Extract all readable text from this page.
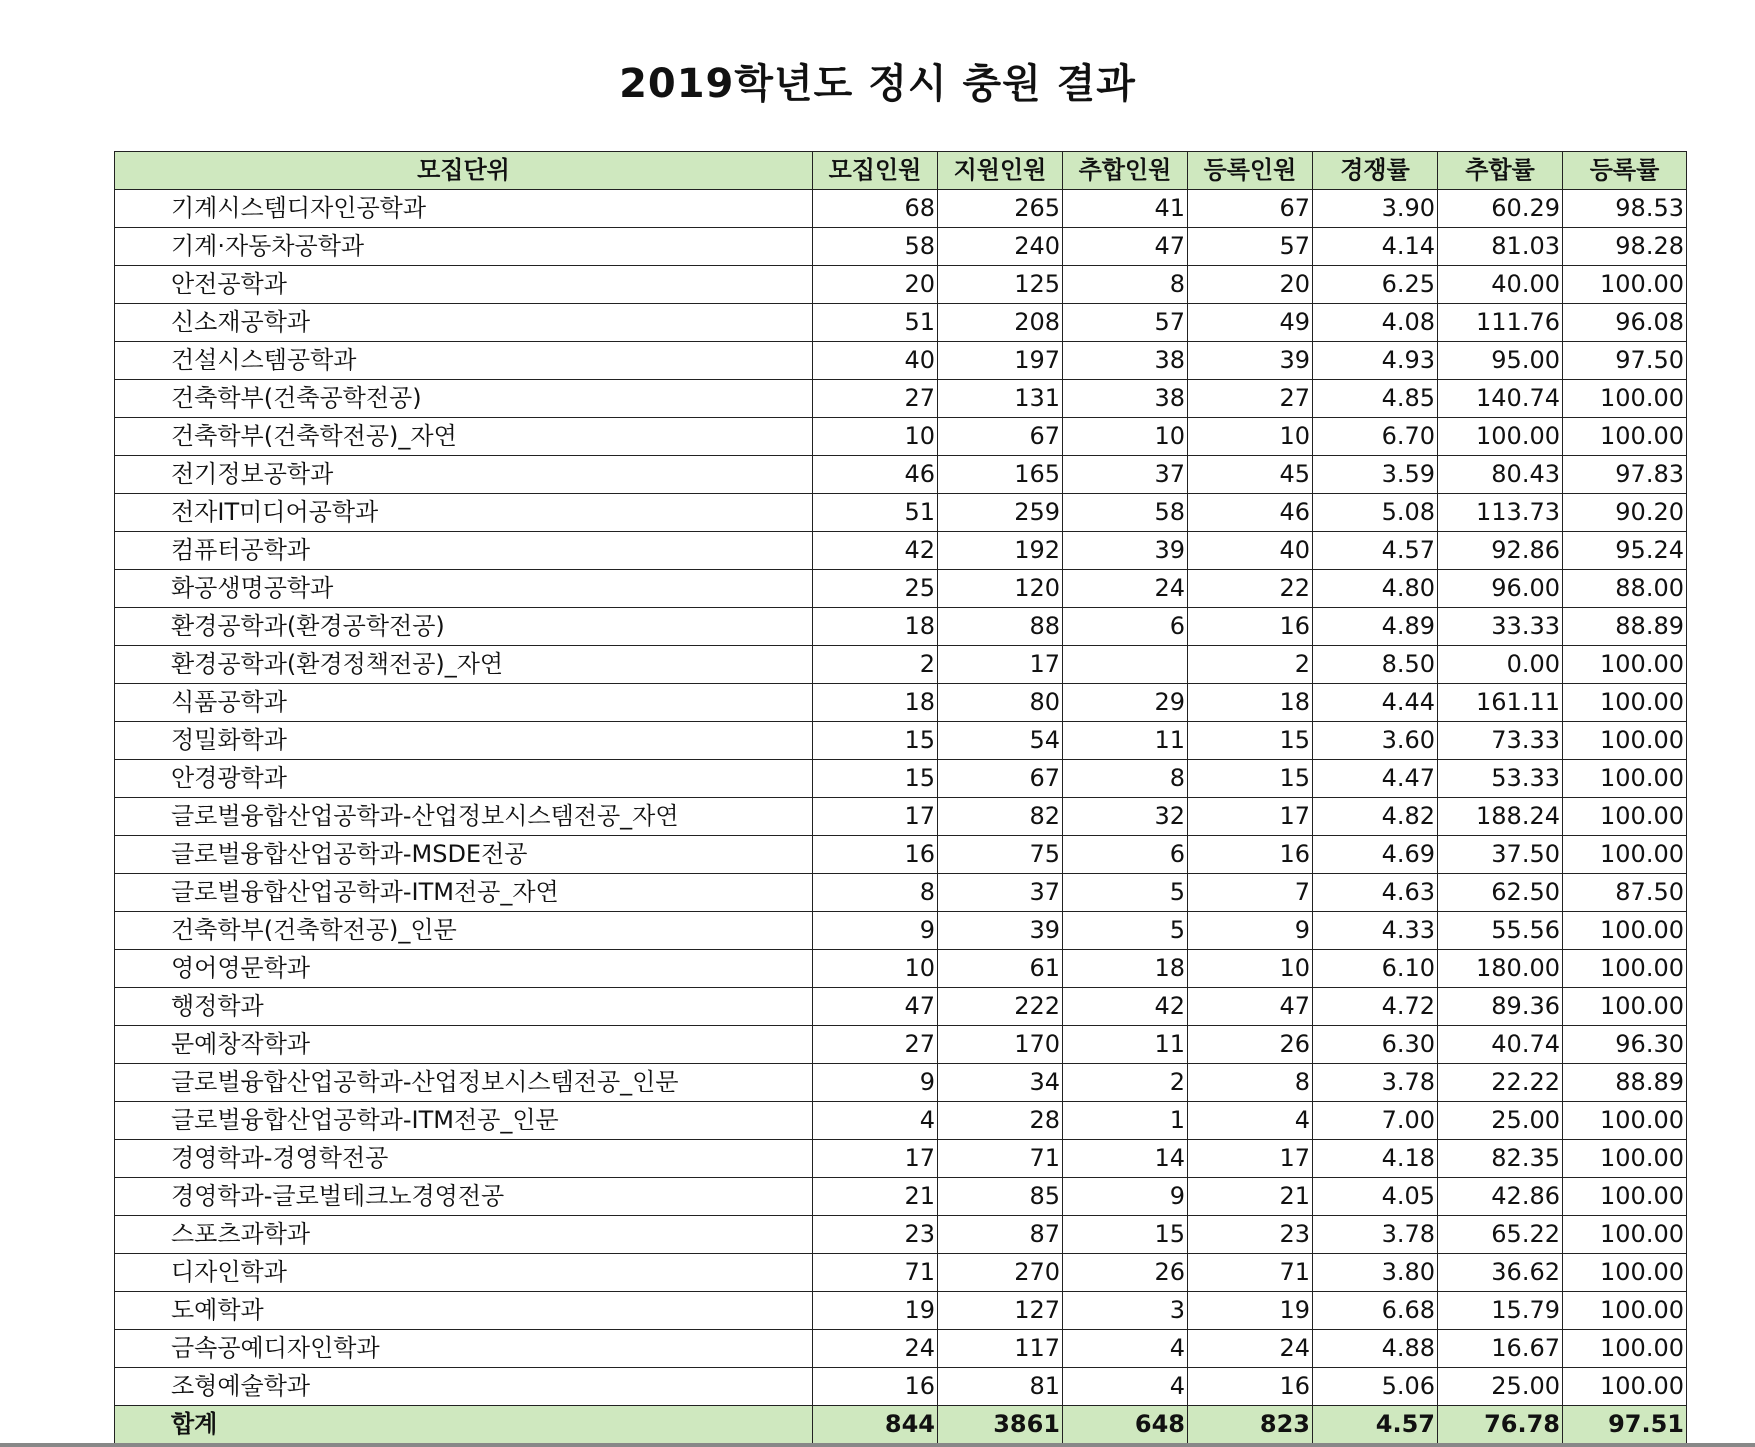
2019학년도 정시 충원 결과
모집단위	모집인원	지원인원	추합인원	등록인원	경쟁률	추합률	등록률
기계시스템디자인공학과	68	265	41	67	3.90	60.29	98.53
기계·자동차공학과	58	240	47	57	4.14	81.03	98.28
안전공학과	20	125	8	20	6.25	40.00	100.00
신소재공학과	51	208	57	49	4.08	111.76	96.08
건설시스템공학과	40	197	38	39	4.93	95.00	97.50
건축학부(건축공학전공)	27	131	38	27	4.85	140.74	100.00
건축학부(건축학전공)_자연	10	67	10	10	6.70	100.00	100.00
전기정보공학과	46	165	37	45	3.59	80.43	97.83
전자IT미디어공학과	51	259	58	46	5.08	113.73	90.20
컴퓨터공학과	42	192	39	40	4.57	92.86	95.24
화공생명공학과	25	120	24	22	4.80	96.00	88.00
환경공학과(환경공학전공)	18	88	6	16	4.89	33.33	88.89
환경공학과(환경정책전공)_자연	2	17		2	8.50	0.00	100.00
식품공학과	18	80	29	18	4.44	161.11	100.00
정밀화학과	15	54	11	15	3.60	73.33	100.00
안경광학과	15	67	8	15	4.47	53.33	100.00
글로벌융합산업공학과-산업정보시스템전공_자연	17	82	32	17	4.82	188.24	100.00
글로벌융합산업공학과-MSDE전공	16	75	6	16	4.69	37.50	100.00
글로벌융합산업공학과-ITM전공_자연	8	37	5	7	4.63	62.50	87.50
건축학부(건축학전공)_인문	9	39	5	9	4.33	55.56	100.00
영어영문학과	10	61	18	10	6.10	180.00	100.00
행정학과	47	222	42	47	4.72	89.36	100.00
문예창작학과	27	170	11	26	6.30	40.74	96.30
글로벌융합산업공학과-산업정보시스템전공_인문	9	34	2	8	3.78	22.22	88.89
글로벌융합산업공학과-ITM전공_인문	4	28	1	4	7.00	25.00	100.00
경영학과-경영학전공	17	71	14	17	4.18	82.35	100.00
경영학과-글로벌테크노경영전공	21	85	9	21	4.05	42.86	100.00
스포츠과학과	23	87	15	23	3.78	65.22	100.00
디자인학과	71	270	26	71	3.80	36.62	100.00
도예학과	19	127	3	19	6.68	15.79	100.00
금속공예디자인학과	24	117	4	24	4.88	16.67	100.00
조형예술학과	16	81	4	16	5.06	25.00	100.00
합계	844	3861	648	823	4.57	76.78	97.51
